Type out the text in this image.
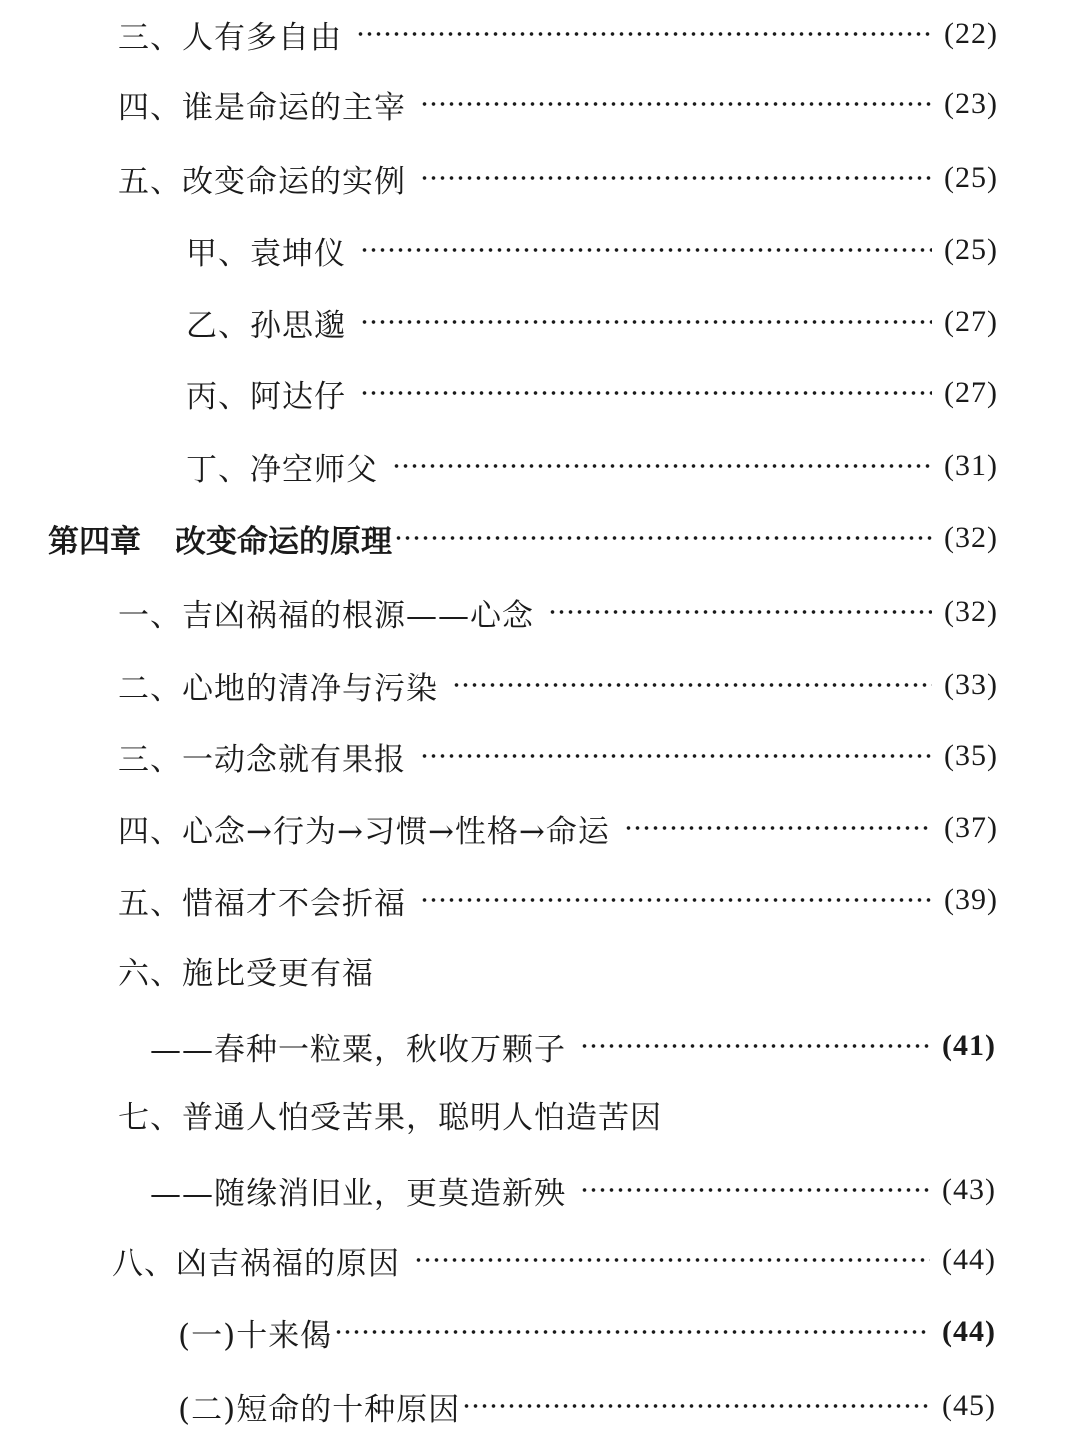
三、人有多自由	(22)
四、谁是命运的主宰	(23)
五、改变命运的实例	(25)
甲、袁坤仪	(25)
乙、孙思邈	(27)
丙、阿达仔	(27)
丁、净空师父	(31)
第四章 改变命运的原理	(32)
一、吉凶祸福的根源——心念	(32)
二、心地的清净与污染	(33)
三、一动念就有果报	(35)
四、心念→行为→习惯→性格→命运	(37)
五、惜福才不会折福	(39)
六、施比受更有福
——春种一粒粟，秋收万颗子	(41)
七、普通人怕受苦果，聪明人怕造苦因
——随缘消旧业，更莫造新殃	(43)
八、凶吉祸福的原因	(44)
(一)十来偈	(44)
(二)短命的十种原因	(45)
